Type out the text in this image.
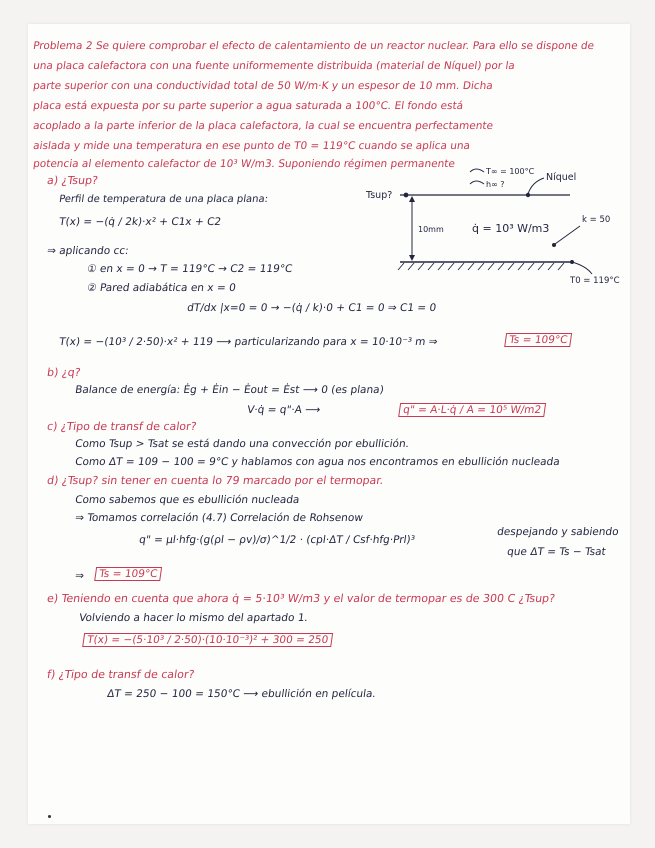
Problema 2 Se quiere comprobar el efecto de calentamiento de un reactor nuclear. Para ello se dispone de
una placa calefactora con una fuente uniformemente distribuida (material de Níquel) por la
parte superior con una conductividad total de 50 W/m·K y un espesor de 10 mm. Dicha
placa está expuesta por su parte superior a agua saturada a 100°C. El fondo está
acoplado a la parte inferior de la placa calefactora, la cual se encuentra perfectamente
aislada y mide una temperatura en ese punto de T0 = 119°C cuando se aplica una
potencia al elemento calefactor de 10³ W/m3. Suponiendo régimen permanente
a) ¿Tsup?
Perfil de temperatura de una placa plana:
T(x) = −(q̇ / 2k)·x² + C1x + C2
⇒ aplicando cc:
① en x = 0 → T = 119°C → C2 = 119°C
② Pared adiabática en x = 0
dT/dx |x=0 = 0 → −(q̇ / k)·0 + C1 = 0 ⇒ C1 = 0
T(x) = −(10³ / 2·50)·x² + 119 ⟶ particularizando para x = 10·10⁻³ m ⇒	Ts = 109°C
b) ¿q?
Balance de energía: Ėg + Ėin − Ėout = Ėst ⟶ 0 (es plana)
V·q̇ = q"·A ⟶	q" = A·L·q̇ / A = 10⁵ W/m2
c) ¿Tipo de transf de calor?
Como Tsup > Tsat se está dando una convección por ebullición.
Como ΔT = 109 − 100 = 9°C y hablamos con agua nos encontramos en ebullición nucleada
d) ¿Tsup? sin tener en cuenta lo 79 marcado por el termopar.
Como sabemos que es ebullición nucleada
⇒ Tomamos correlación (4.7) Correlación de Rohsenow
q" = μl·hfg·(g(ρl − ρv)/σ)^1/2 · (cpl·ΔT / Csf·hfg·Prl)³
despejando y sabiendo
que ΔT = Ts − Tsat
⇒	Ts = 109°C
e) Teniendo en cuenta que ahora q̇ = 5·10³ W/m3 y el valor de termopar es de 300 C ¿Tsup?
Volviendo a hacer lo mismo del apartado 1.
T(x) = −(5·10³ / 2·50)·(10·10⁻³)² + 300 = 250
f) ¿Tipo de transf de calor?
ΔT = 250 − 100 = 150°C ⟶ ebullición en película.
Tsup?
T∞ = 100°C
h∞ ?
Níquel
10mm	q̇ = 10³ W/m3
k = 50
T0 = 119°C
